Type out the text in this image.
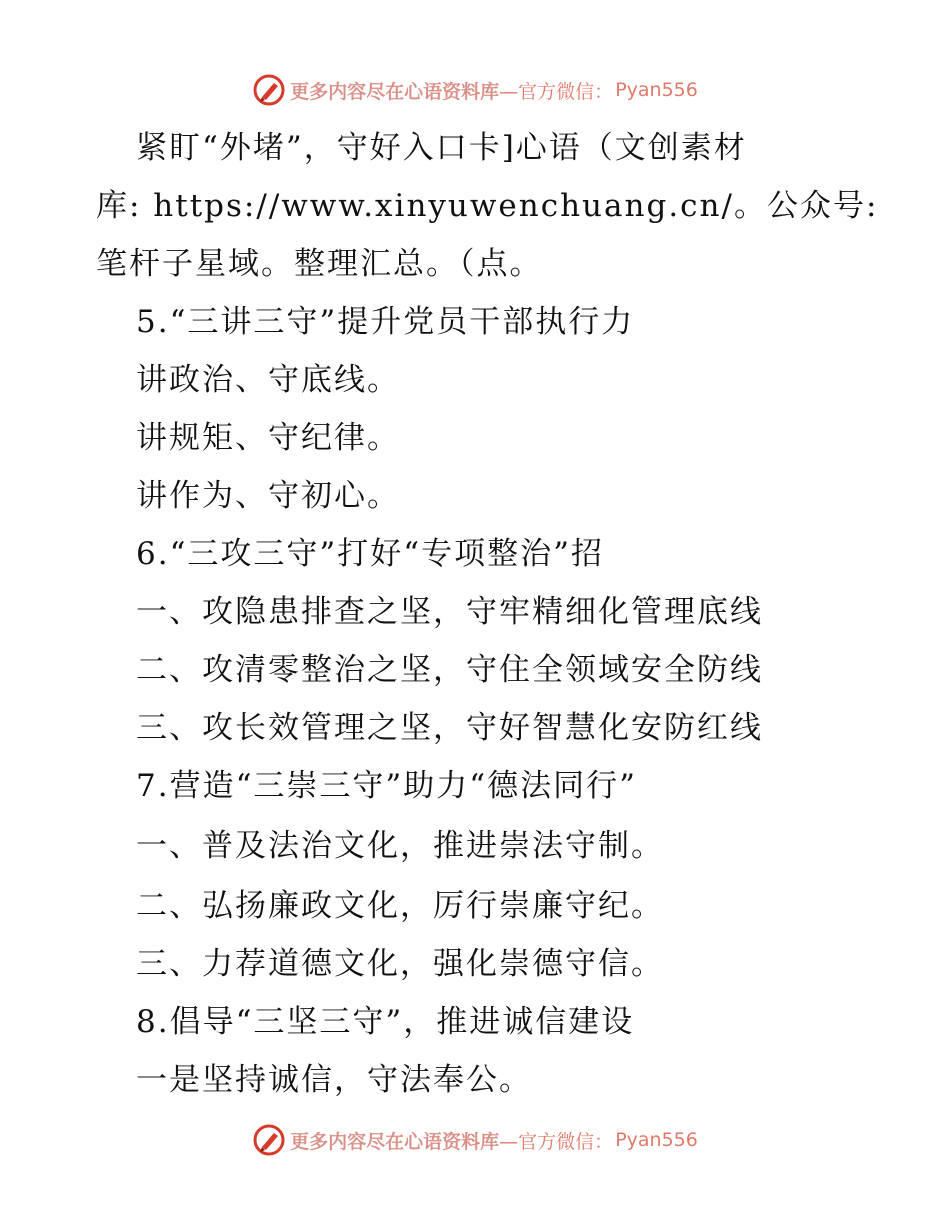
更多内容尽在心语资料库 —官方微信： Pyan556
紧盯“外堵”，守好入口卡]心语（文创素材
库: https://www.xinyuwenchuang.cn/。公众号:
笔杆子星域。整理汇总。（点。
5.“三讲三守”提升党员干部执行力
讲政治、守底线。
讲规矩、守纪律。
讲作为、守初心。
6.“三攻三守”打好“专项整治”招
一、攻隐患排查之坚，守牢精细化管理底线
二、攻清零整治之坚，守住全领域安全防线
三、攻长效管理之坚，守好智慧化安防红线
7.营造“三崇三守”助力“德法同行”
一、普及法治文化，推进崇法守制。
二、弘扬廉政文化，厉行崇廉守纪。
三、力荐道德文化，强化崇德守信。
8.倡导“三坚三守”，推进诚信建设
一是坚持诚信，守法奉公。
更多内容尽在心语资料库 —官方微信： Pyan556
